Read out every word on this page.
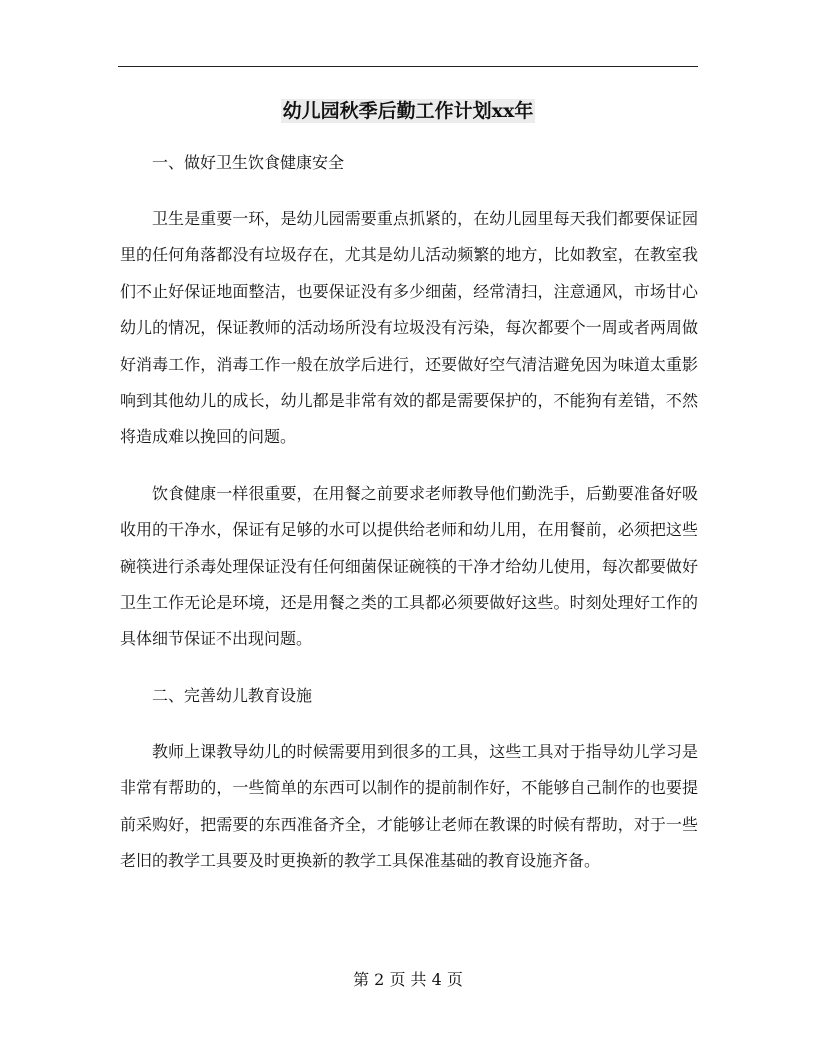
幼儿园秋季后勤工作计划xx年

一、做好卫生饮食健康安全

卫生是重要一环，是幼儿园需要重点抓紧的，在幼儿园里每天我们都要保证园里的任何角落都没有垃圾存在，尤其是幼儿活动频繁的地方，比如教室，在教室我们不止好保证地面整洁，也要保证没有多少细菌，经常清扫，注意通风，市场甘心幼儿的情况，保证教师的活动场所没有垃圾没有污染，每次都要个一周或者两周做好消毒工作，消毒工作一般在放学后进行，还要做好空气清洁避免因为味道太重影响到其他幼儿的成长，幼儿都是非常有效的都是需要保护的，不能狗有差错，不然将造成难以挽回的问题。

饮食健康一样很重要，在用餐之前要求老师教导他们勤洗手，后勤要准备好吸收用的干净水，保证有足够的水可以提供给老师和幼儿用，在用餐前，必须把这些碗筷进行杀毒处理保证没有任何细菌保证碗筷的干净才给幼儿使用，每次都要做好卫生工作无论是环境，还是用餐之类的工具都必须要做好这些。时刻处理好工作的具体细节保证不出现问题。

二、完善幼儿教育设施

教师上课教导幼儿的时候需要用到很多的工具，这些工具对于指导幼儿学习是非常有帮助的，一些简单的东西可以制作的提前制作好，不能够自己制作的也要提前采购好，把需要的东西准备齐全，才能够让老师在教课的时候有帮助，对于一些老旧的教学工具要及时更换新的教学工具保准基础的教育设施齐备。

第 2 页 共 4 页
